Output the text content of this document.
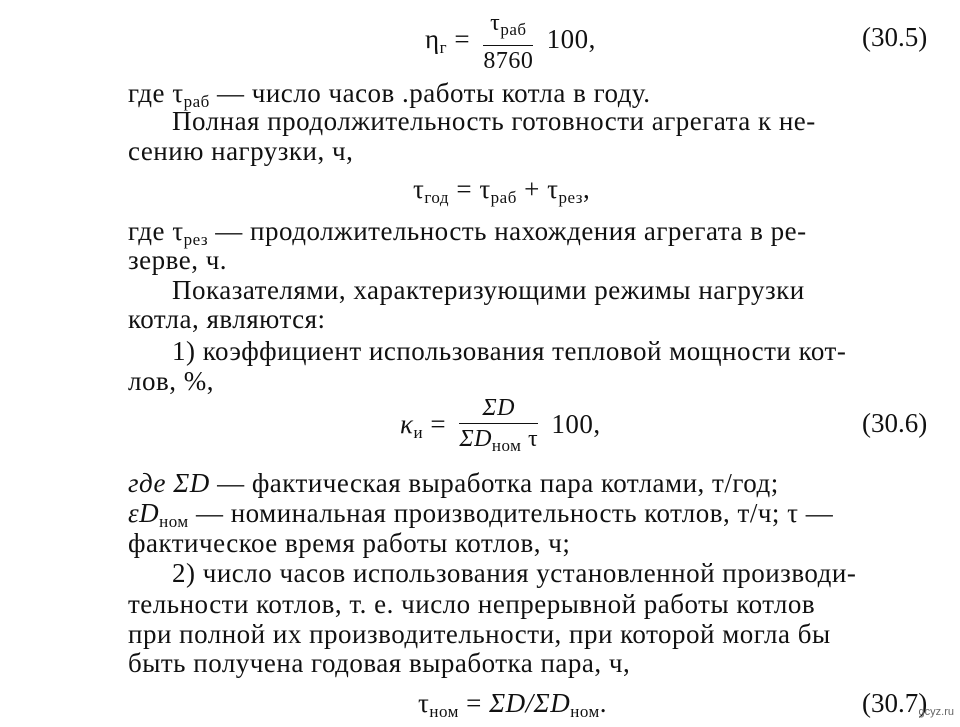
$\eta_г = \frac{\tau_{раб}}{8760} 100$,	(30.5)
где $\tau_{раб}$ — число часов .работы котла в году.
Полная продолжительность готовности агрегата к не-
сению нагрузки, ч,
$\tau_{год} = \tau_{раб} + \tau_{рез}$,
где $\tau_{рез}$ — продолжительность нахождения агрегата в ре-
зерве, ч.
Показателями, характеризующими режимы нагрузки
котла, являются:
1) коэффициент использования тепловой мощности кот-
лов, %,
$\kappa_и = \frac{\Sigma D}{\Sigma D_{ном} \tau} 100$,	(30.6)
где ΣD — фактическая выработка пара котлами, т/год;
$\varepsilon D_{ном}$ — номинальная производительность котлов, т/ч; τ —
фактическое время работы котлов, ч;
2) число часов использования установленной производи-
тельности котлов, т. е. число непрерывной работы котлов
при полной их производительности, при которой могла бы
быть получена годовая выработка пара, ч,
$\tau_{ном} = \Sigma D/\Sigma D_{ном}$.	(30.7)
gcyz.ru
